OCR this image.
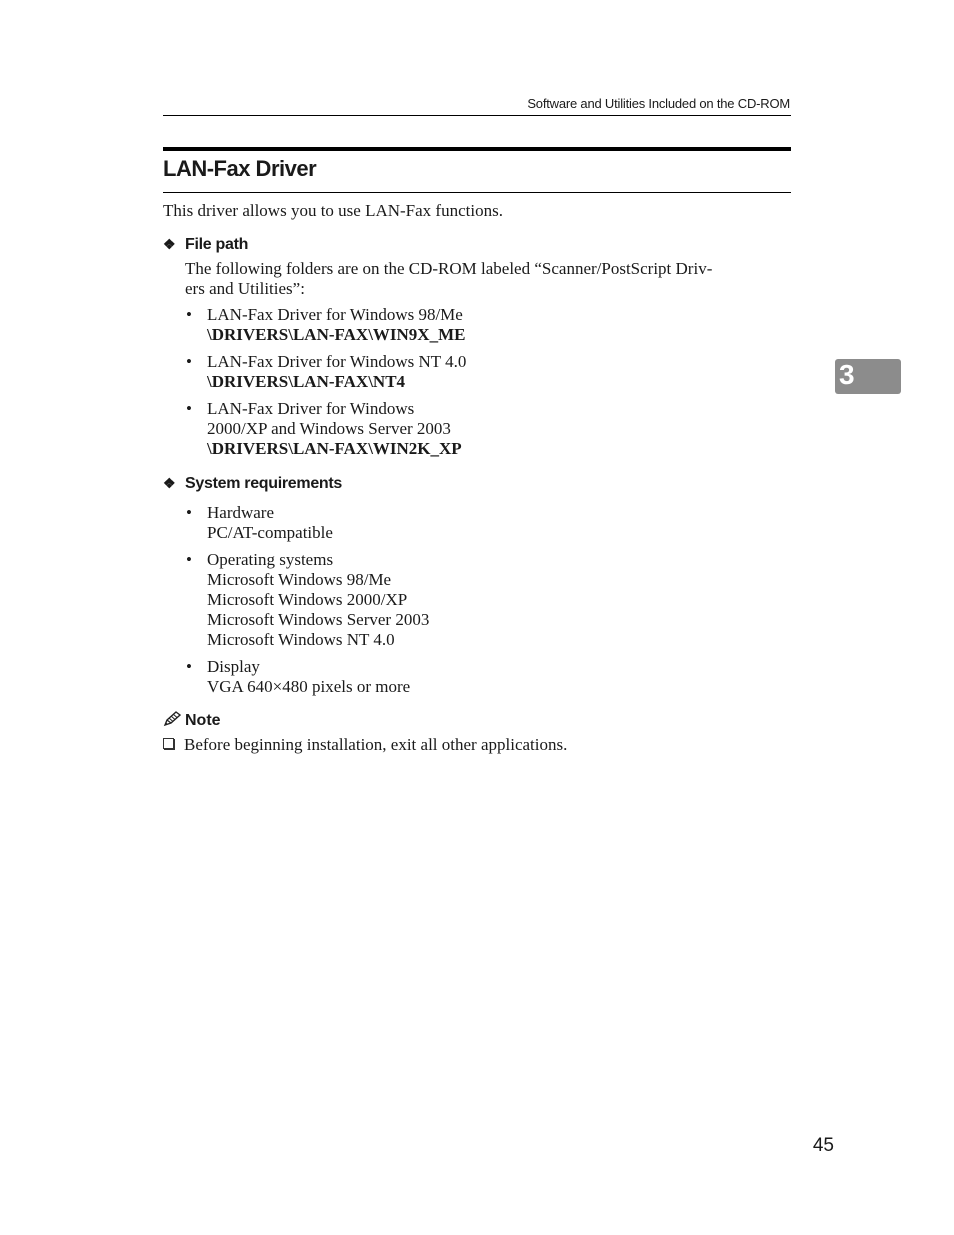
Software and Utilities Included on the CD-ROM
LAN-Fax Driver
This driver allows you to use LAN-Fax functions.
❖ File path
The following folders are on the CD-ROM labeled “Scanner/PostScript Driv-
ers and Utilities”:
• LAN-Fax Driver for Windows 98/Me
\DRIVERS\LAN-FAX\WIN9X_ME
• LAN-Fax Driver for Windows NT 4.0
\DRIVERS\LAN-FAX\NT4
• LAN-Fax Driver for Windows
2000/XP and Windows Server 2003
\DRIVERS\LAN-FAX\WIN2K_XP
❖ System requirements
• Hardware
PC/AT-compatible
• Operating systems
Microsoft Windows 98/Me
Microsoft Windows 2000/XP
Microsoft Windows Server 2003
Microsoft Windows NT 4.0
• Display
VGA 640×480 pixels or more
Note
Before beginning installation, exit all other applications.
3
45
